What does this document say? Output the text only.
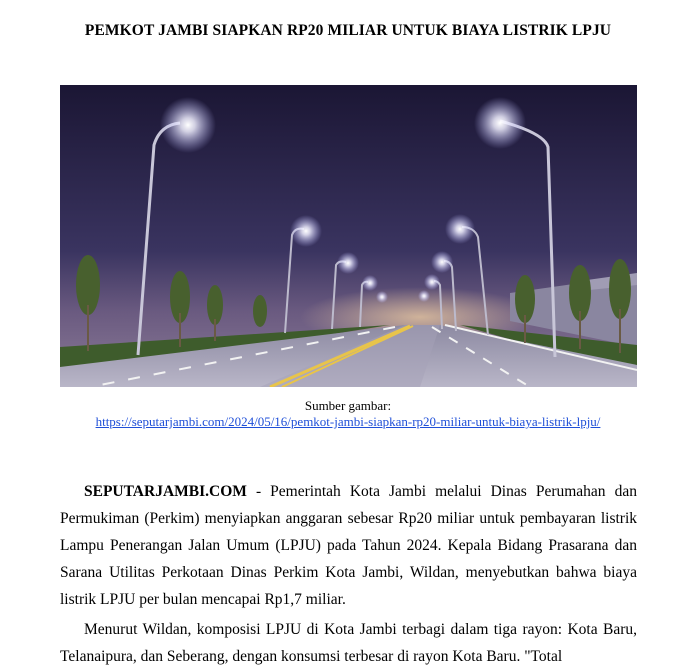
PEMKOT JAMBI SIAPKAN RP20 MILIAR UNTUK BIAYA LISTRIK LPJU
Sumber gambar:
https://seputarjambi.com/2024/05/16/pemkot-jambi-siapkan-rp20-miliar-untuk-biaya-listrik-lpju/

SEPUTARJAMBI.COM - Pemerintah Kota Jambi melalui Dinas Perumahan dan Permukiman (Perkim) menyiapkan anggaran sebesar Rp20 miliar untuk pembayaran listrik Lampu Penerangan Jalan Umum (LPJU) pada Tahun 2024. Kepala Bidang Prasarana dan Sarana Utilitas Perkotaan Dinas Perkim Kota Jambi, Wildan, menyebutkan bahwa biaya listrik LPJU per bulan mencapai Rp1,7 miliar.

Menurut Wildan, komposisi LPJU di Kota Jambi terbagi dalam tiga rayon: Kota Baru, Telanaipura, dan Seberang, dengan konsumsi terbesar di rayon Kota Baru. "Total
